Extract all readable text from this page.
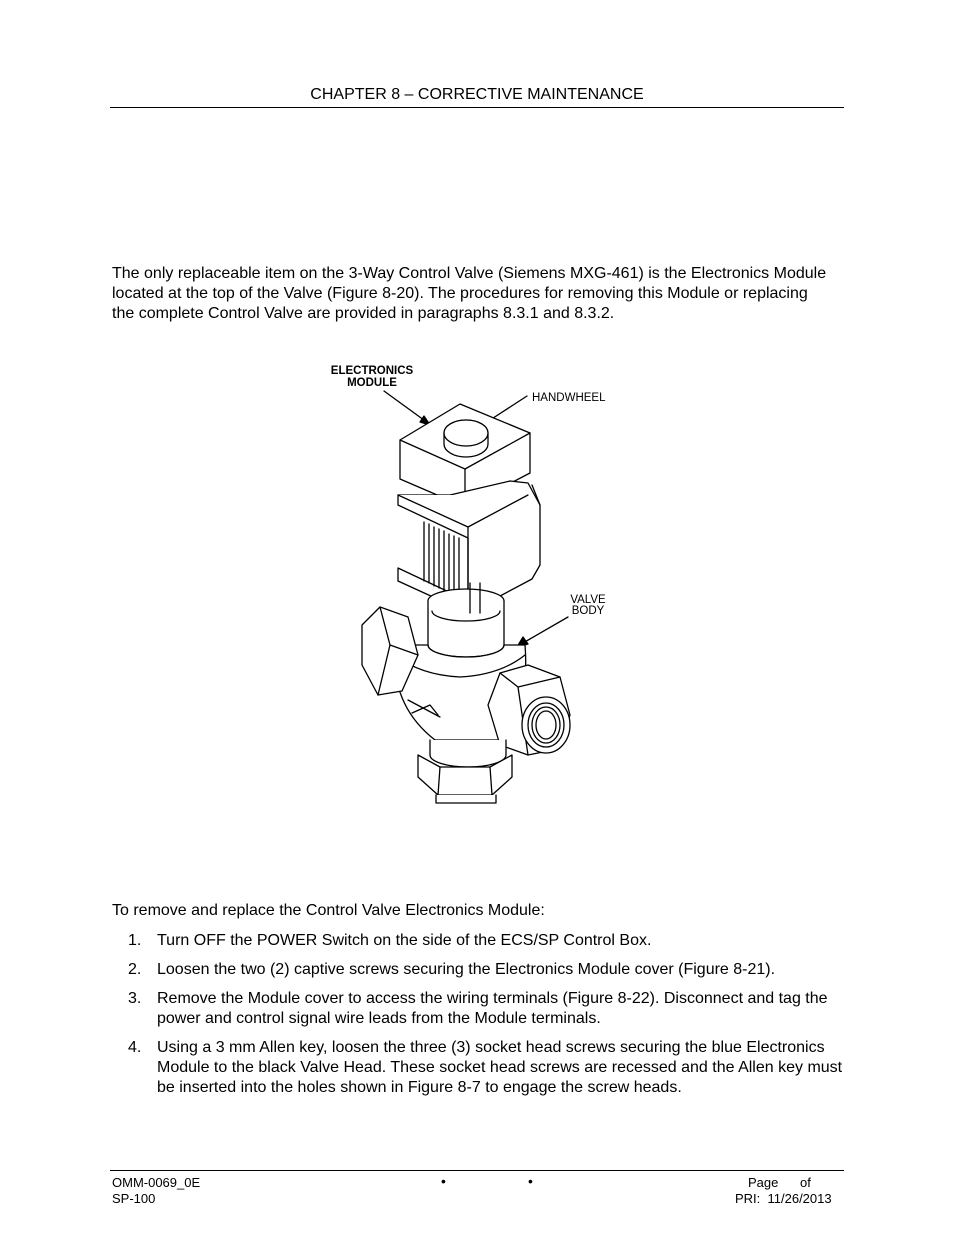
CHAPTER 8 – CORRECTIVE MAINTENANCE
The only replaceable item on the 3-Way Control Valve (Siemens MXG-461) is the Electronics Module located at the top of the Valve (Figure 8-20). The procedures for removing this Module or replacing the complete Control Valve are provided in paragraphs 8.3.1 and 8.3.2.
ELECTRONICS
MODULE
HANDWHEEL
VALVE
BODY
To remove and replace the Control Valve Electronics Module:
1. Turn OFF the POWER Switch on the side of the ECS/SP Control Box.
2. Loosen the two (2) captive screws securing the Electronics Module cover (Figure 8-21).
3. Remove the Module cover to access the wiring terminals (Figure 8-22). Disconnect and tag the power and control signal wire leads from the Module terminals.
4. Using a 3 mm Allen key, loosen the three (3) socket head screws securing the blue Electronics Module to the black Valve Head. These socket head screws are recessed and the Allen key must be inserted into the holes shown in Figure 8-7 to engage the screw heads.
OMM-0069_0E
SP-100
•	•	Page      of
PRI:  11/26/2013
